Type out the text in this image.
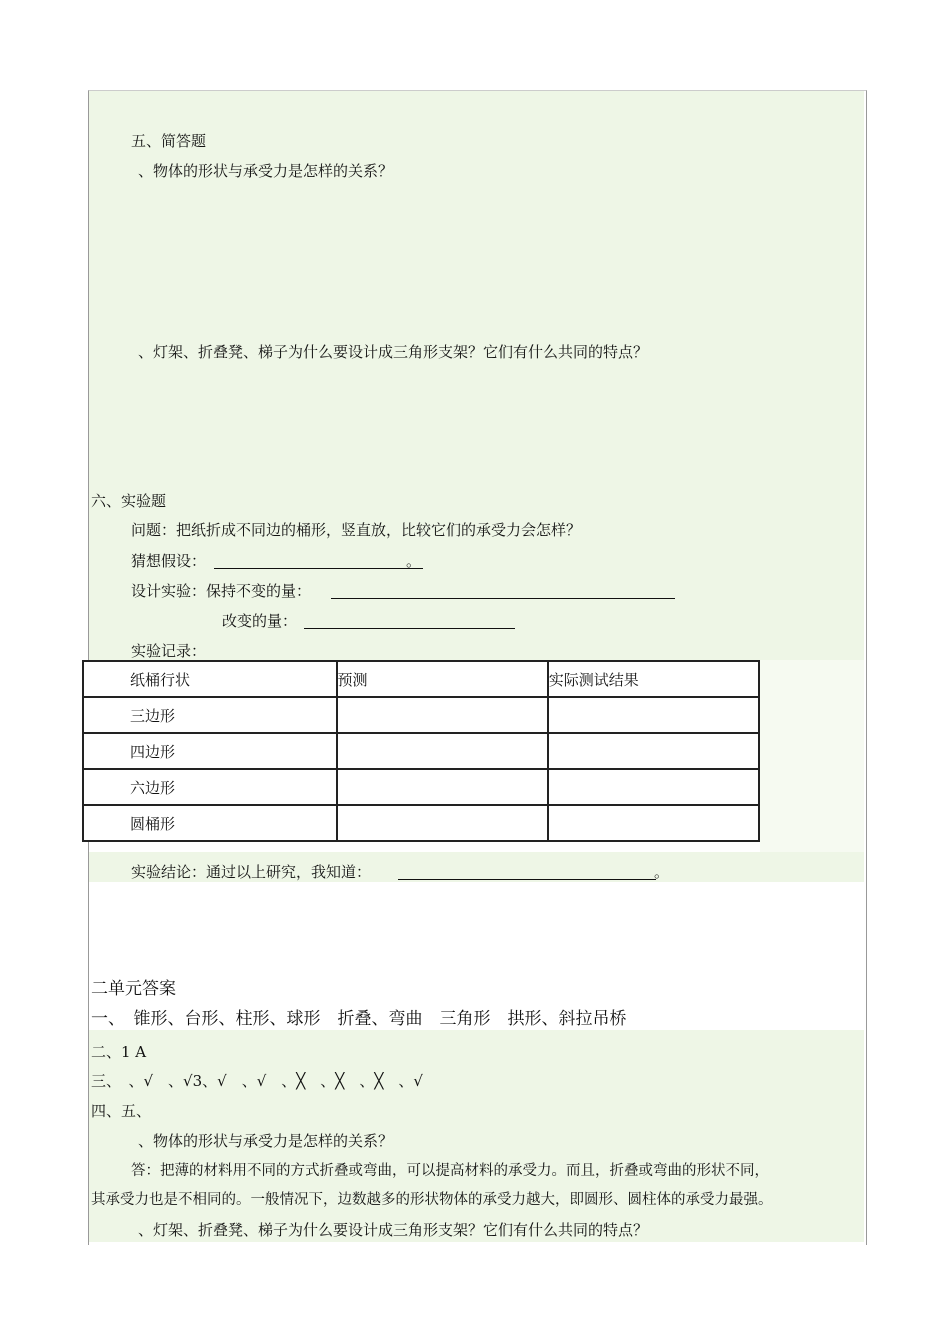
五、简答题
、物体的形状与承受力是怎样的关系？
、灯架、折叠凳、梯子为什么要设计成三角形支架？它们有什么共同的特点？
六、实验题
问题：把纸折成不同边的桶形，竖直放，比较它们的承受力会怎样？
猜想假设：	。
设计实验：保持不变的量：
改变的量：
实验记录：
纸桶行状	预测	实际测试结果
三边形		
四边形		
六边形		
圆桶形		
实验结论：通过以上研究，我知道：	。
二单元答案
一、　锥形、台形、柱形、球形　折叠、弯曲　三角形　拱形、斜拉吊桥
二、1 A
三、　、√　、√3、√　、√　、╳　、╳　、╳　、√
四、五、
、物体的形状与承受力是怎样的关系？
答：把薄的材料用不同的方式折叠或弯曲，可以提高材料的承受力。而且，折叠或弯曲的形状不同，
其承受力也是不相同的。一般情况下，边数越多的形状物体的承受力越大，即圆形、圆柱体的承受力最强。
、灯架、折叠凳、梯子为什么要设计成三角形支架？它们有什么共同的特点？
